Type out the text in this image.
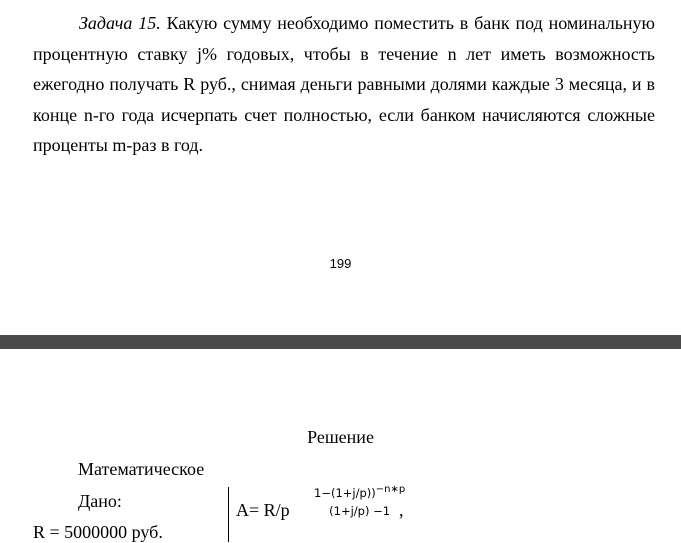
Задача 15. Какую сумму необходимо поместить в банк под номинальную процентную ставку j% годовых, чтобы в течение n лет иметь возможность ежегодно получать R руб., снимая деньги равными долями каждые 3 месяца, и в конце n-го года исчерпать счет полностью, если банком начисляются сложные проценты m-раз в год.

199
Решение
Математическое
Дано:
R = 5000000 руб.
A= R/p
1−(1+j/p))−n∗p
(1+j/p) −1 ,
